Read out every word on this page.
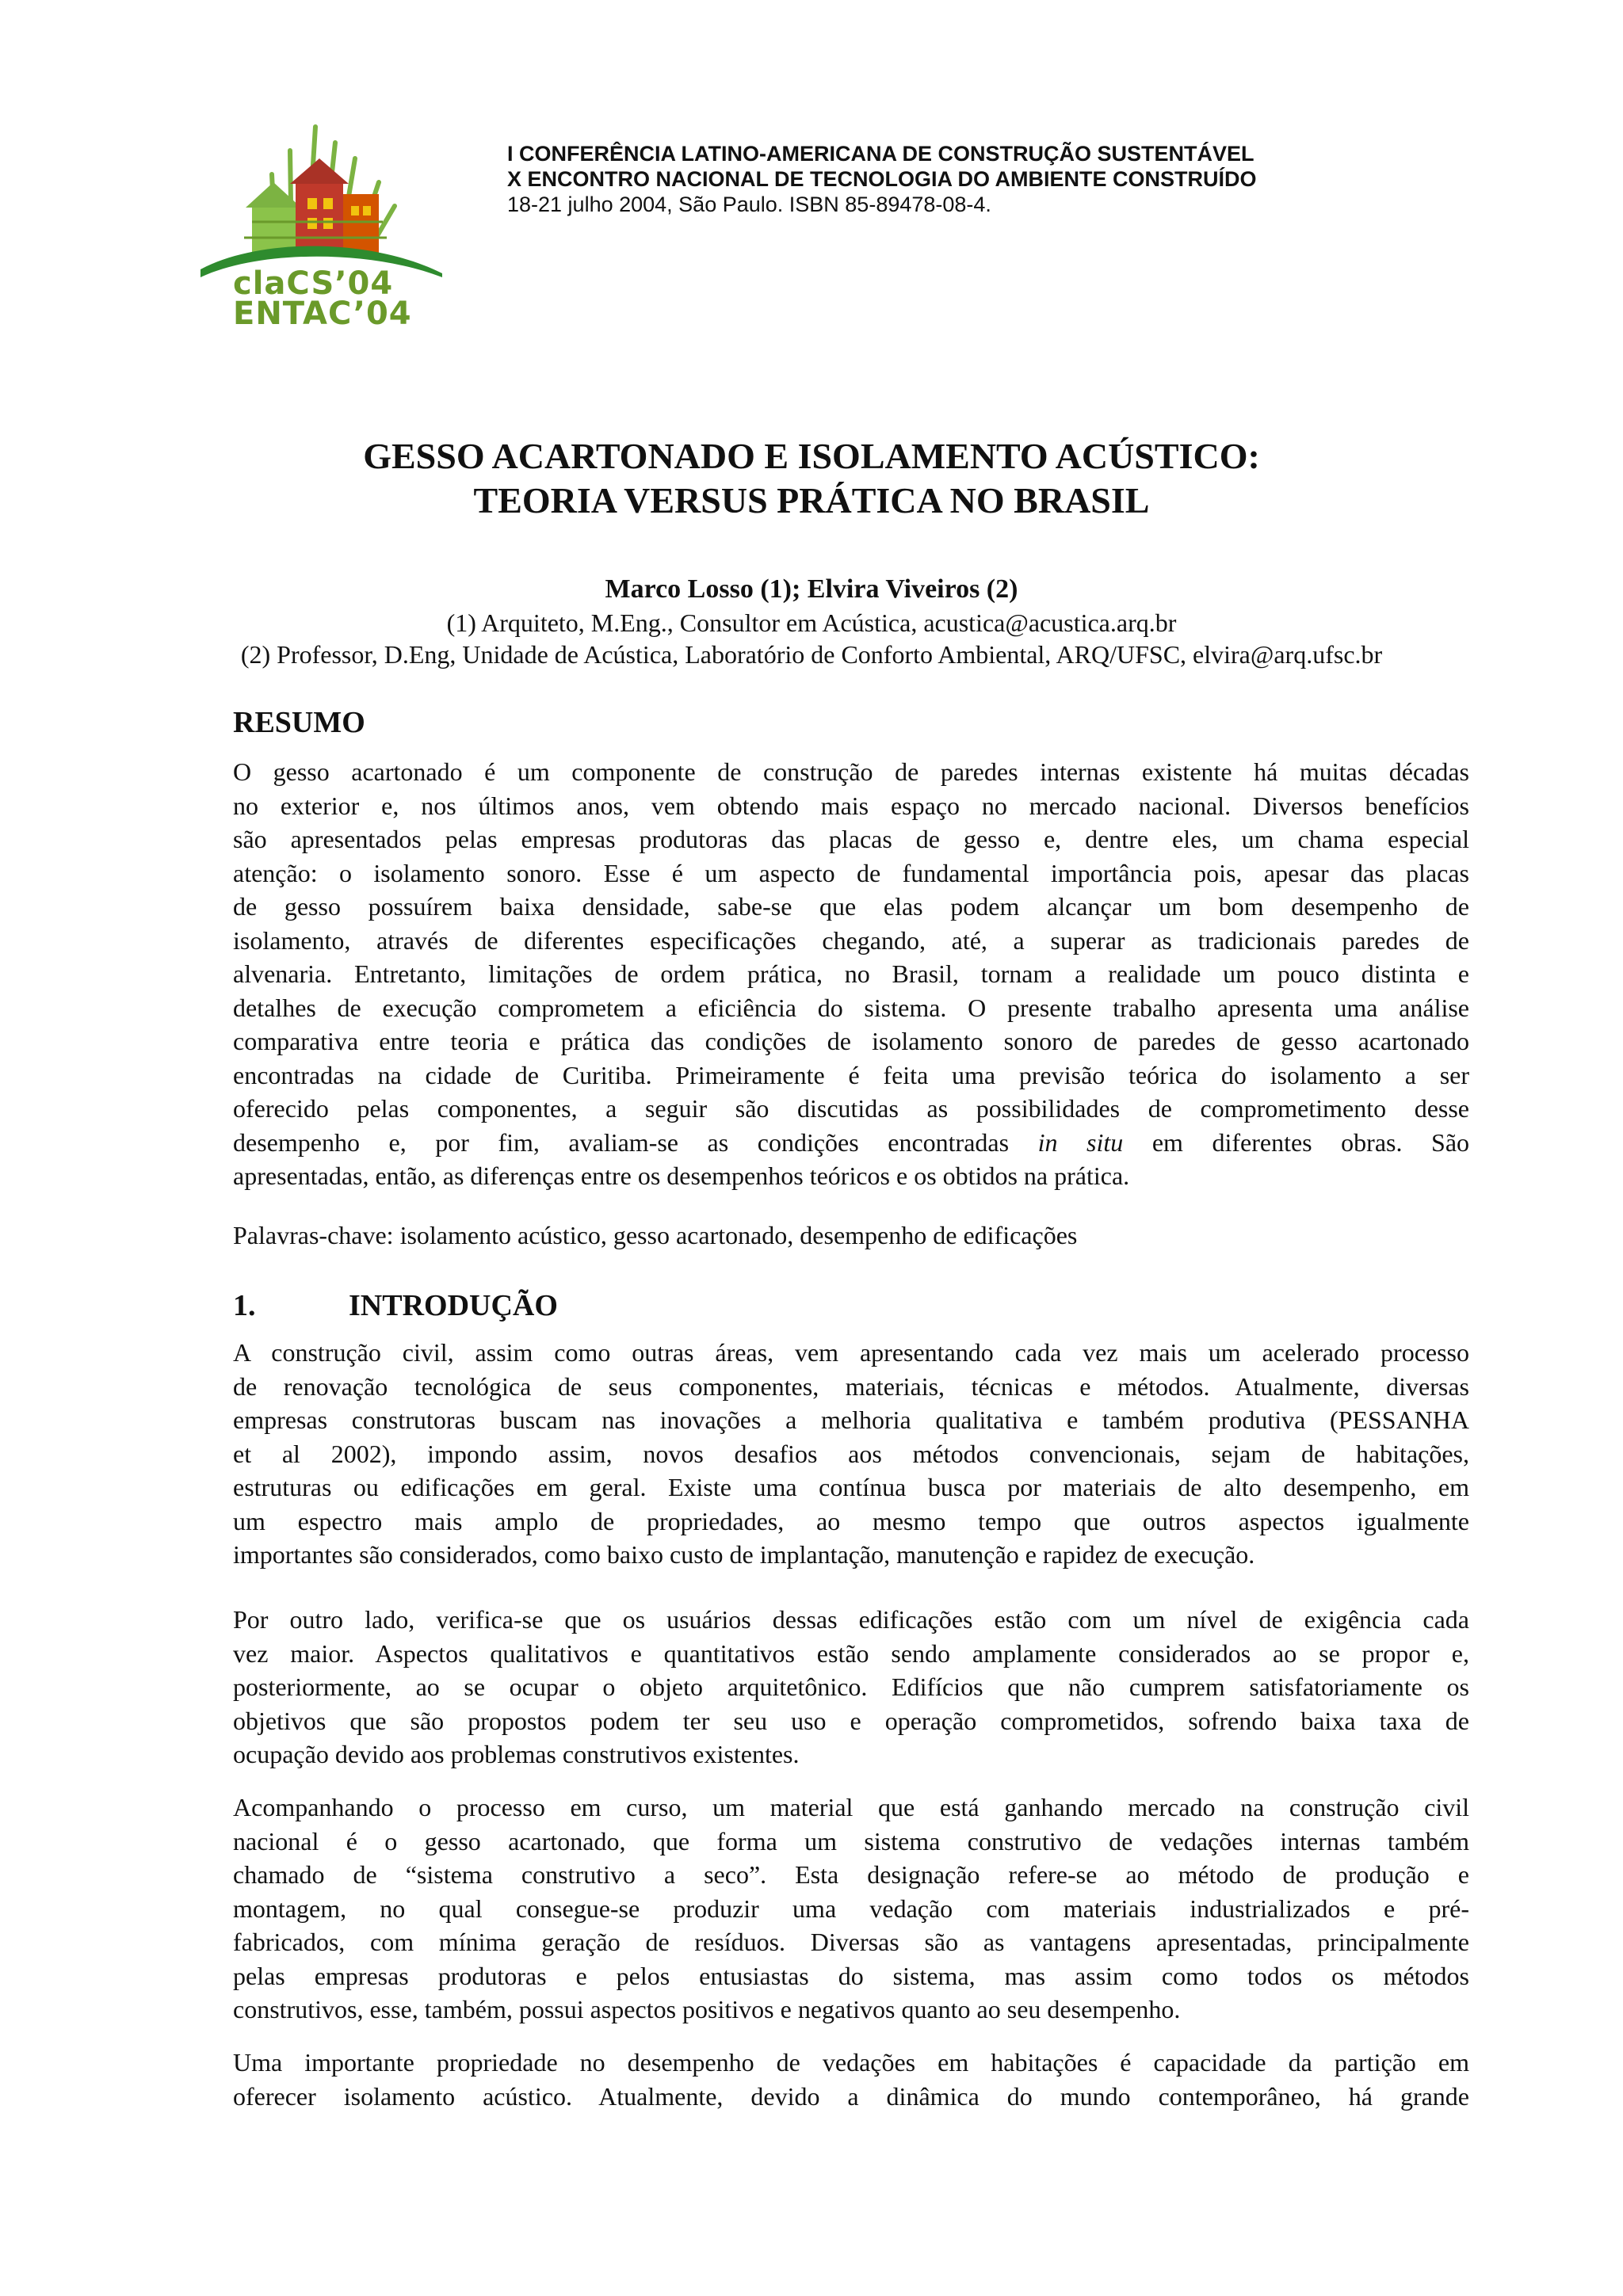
claCS’04
ENTAC’04
I CONFERÊNCIA LATINO-AMERICANA DE CONSTRUÇÃO SUSTENTÁVEL
X ENCONTRO NACIONAL DE TECNOLOGIA DO AMBIENTE CONSTRUÍDO
18-21 julho 2004, São Paulo. ISBN 85-89478-08-4.
GESSO ACARTONADO E ISOLAMENTO ACÚSTICO:
TEORIA VERSUS PRÁTICA NO BRASIL
Marco Losso (1); Elvira Viveiros (2)
(1) Arquiteto, M.Eng., Consultor em Acústica, acustica@acustica.arq.br
(2) Professor, D.Eng, Unidade de Acústica, Laboratório de Conforto Ambiental, ARQ/UFSC, elvira@arq.ufsc.br
RESUMO
O gesso acartonado é um componente de construção de paredes internas existente há muitas décadas
no exterior e, nos últimos anos, vem obtendo mais espaço no mercado nacional. Diversos benefícios
são apresentados pelas empresas produtoras das placas de gesso e, dentre eles, um chama especial
atenção: o isolamento sonoro. Esse é um aspecto de fundamental importância pois, apesar das placas
de gesso possuírem baixa densidade, sabe-se que elas podem alcançar um bom desempenho de
isolamento, através de diferentes especificações chegando, até, a superar as tradicionais paredes de
alvenaria. Entretanto, limitações de ordem prática, no Brasil, tornam a realidade um pouco distinta e
detalhes de execução comprometem a eficiência do sistema. O presente trabalho apresenta uma análise
comparativa entre teoria e prática das condições de isolamento sonoro de paredes de gesso acartonado
encontradas na cidade de Curitiba. Primeiramente é feita uma previsão teórica do isolamento a ser
oferecido pelas componentes, a seguir são discutidas as possibilidades de comprometimento desse
desempenho e, por fim, avaliam-se as condições encontradas in situ em diferentes obras. São
apresentadas, então, as diferenças entre os desempenhos teóricos e os obtidos na prática.
Palavras-chave: isolamento acústico, gesso acartonado, desempenho de edificações
1.	INTRODUÇÃO
A construção civil, assim como outras áreas, vem apresentando cada vez mais um acelerado processo
de renovação tecnológica de seus componentes, materiais, técnicas e métodos. Atualmente, diversas
empresas construtoras buscam nas inovações a melhoria qualitativa e também produtiva (PESSANHA
et al 2002), impondo assim, novos desafios aos métodos convencionais, sejam de habitações,
estruturas ou edificações em geral. Existe uma contínua busca por materiais de alto desempenho, em
um espectro mais amplo de propriedades, ao mesmo tempo que outros aspectos igualmente
importantes são considerados, como baixo custo de implantação, manutenção e rapidez de execução.
Por outro lado, verifica-se que os usuários dessas edificações estão com um nível de exigência cada
vez maior. Aspectos qualitativos e quantitativos estão sendo amplamente considerados ao se propor e,
posteriormente, ao se ocupar o objeto arquitetônico. Edifícios que não cumprem satisfatoriamente os
objetivos que são propostos podem ter seu uso e operação comprometidos, sofrendo baixa taxa de
ocupação devido aos problemas construtivos existentes.
Acompanhando o processo em curso, um material que está ganhando mercado na construção civil
nacional é o gesso acartonado, que forma um sistema construtivo de vedações internas também
chamado de “sistema construtivo a seco”. Esta designação refere-se ao método de produção e
montagem, no qual consegue-se produzir uma vedação com materiais industrializados e pré-
fabricados, com mínima geração de resíduos. Diversas são as vantagens apresentadas, principalmente
pelas empresas produtoras e pelos entusiastas do sistema, mas assim como todos os métodos
construtivos, esse, também, possui aspectos positivos e negativos quanto ao seu desempenho.
Uma importante propriedade no desempenho de vedações em habitações é capacidade da partição em
oferecer isolamento acústico. Atualmente, devido a dinâmica do mundo contemporâneo, há grande
